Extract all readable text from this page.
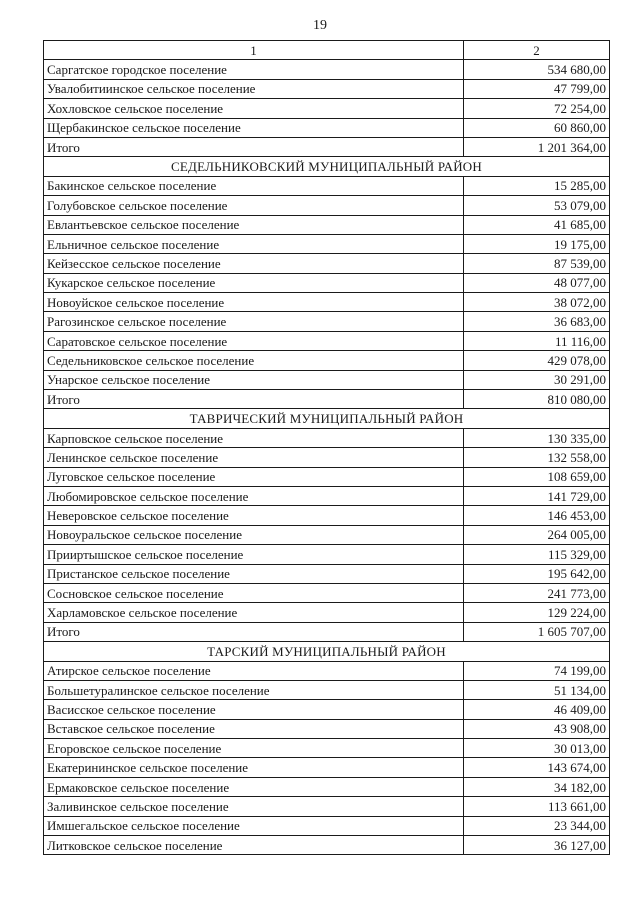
19
1	2
Саргатское городское поселение	534 680,00
Увалобитиинское сельское поселение	47 799,00
Хохловское сельское поселение	72 254,00
Щербакинское сельское поселение	60 860,00
Итого	1 201 364,00
СЕДЕЛЬНИКОВСКИЙ МУНИЦИПАЛЬНЫЙ РАЙОН	
Бакинское сельское поселение	15 285,00
Голубовское сельское поселение	53 079,00
Евлантьевское сельское поселение	41 685,00
Ельничное сельское поселение	19 175,00
Кейзесское сельское поселение	87 539,00
Кукарское сельское поселение	48 077,00
Новоуйское сельское поселение	38 072,00
Рагозинское сельское поселение	36 683,00
Саратовское сельское поселение	11 116,00
Седельниковское сельское поселение	429 078,00
Унарское сельское поселение	30 291,00
Итого	810 080,00
ТАВРИЧЕСКИЙ МУНИЦИПАЛЬНЫЙ РАЙОН	
Карповское сельское поселение	130 335,00
Ленинское сельское поселение	132 558,00
Луговское сельское поселение	108 659,00
Любомировское сельское поселение	141 729,00
Неверовское сельское поселение	146 453,00
Новоуральское сельское поселение	264 005,00
Прииртышское сельское поселение	115 329,00
Пристанское сельское поселение	195 642,00
Сосновское сельское поселение	241 773,00
Харламовское сельское поселение	129 224,00
Итого	1 605 707,00
ТАРСКИЙ МУНИЦИПАЛЬНЫЙ РАЙОН	
Атирское сельское поселение	74 199,00
Большетуралинское сельское поселение	51 134,00
Васисское сельское поселение	46 409,00
Вставское сельское поселение	43 908,00
Егоровское сельское поселение	30 013,00
Екатерининское сельское поселение	143 674,00
Ермаковское сельское поселение	34 182,00
Заливинское сельское поселение	113 661,00
Имшегальское сельское поселение	23 344,00
Литковское сельское поселение	36 127,00
